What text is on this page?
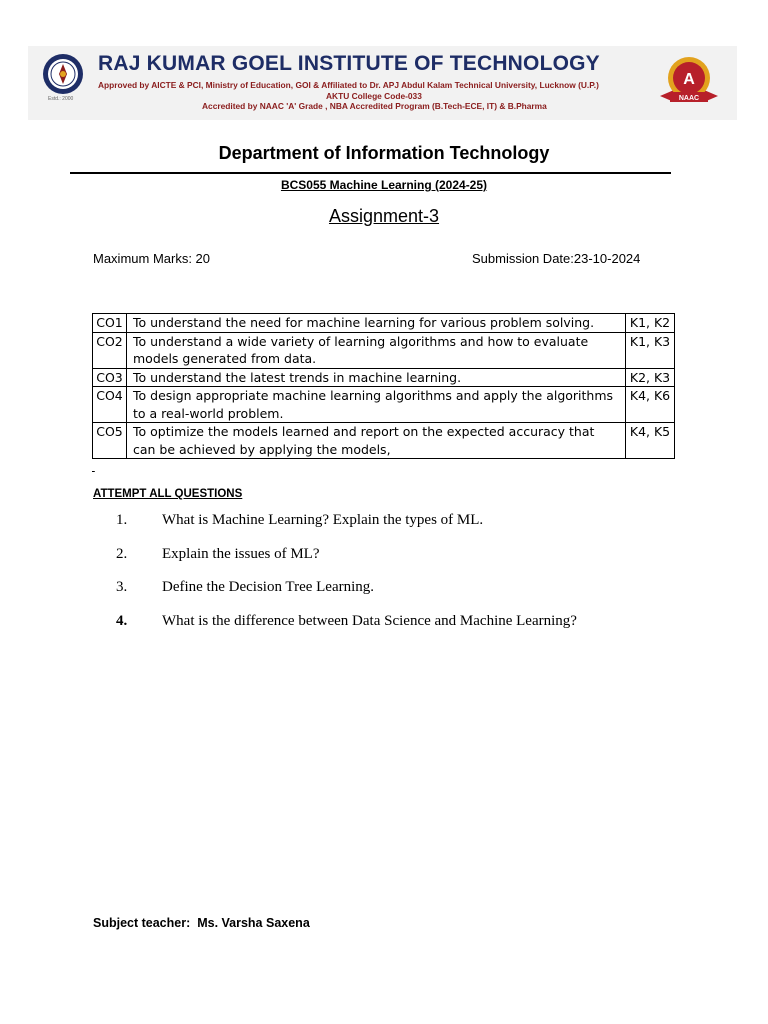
Estd.: 2000
RAJ KUMAR GOEL INSTITUTE OF TECHNOLOGY
Approved by AICTE & PCI, Ministry of Education, GOI & Affiliated to Dr. APJ Abdul Kalam Technical University, Lucknow (U.P.)
AKTU College Code-033
Accredited by NAAC 'A' Grade , NBA Accredited Program (B.Tech-ECE, IT) & B.Pharma
A
NAAC
Department of Information Technology
BCS055 Machine Learning (2024-25)
Assignment-3
Maximum Marks: 20	Submission Date:23-10-2024
CO1	To understand the need for machine learning for various problem solving.	K1, K2
CO2	To understand a wide variety of learning algorithms and how to evaluate models generated from data.	K1, K3
CO3	To understand the latest trends in machine learning.	K2, K3
CO4	To design appropriate machine learning algorithms and apply the algorithms to a real-world problem.	K4, K6
CO5	To optimize the models learned and report on the expected accuracy that can be achieved by applying the models,	K4, K5

ATTEMPT ALL QUESTIONS
1. What is Machine Learning? Explain the types of ML.
2. Explain the issues of ML?
3. Define the Decision Tree Learning.
4. What is the difference between Data Science and Machine Learning?
Subject teacher:  Ms. Varsha Saxena
